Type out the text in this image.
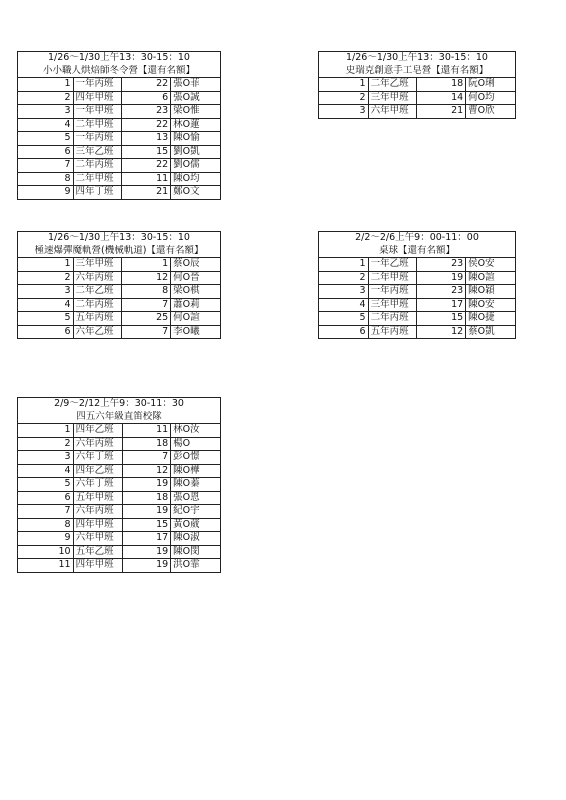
1/26～1/30上午13：30-15：10			
小小職人烘焙師冬令營【還有名額】			
1	一年丙班	22	張O菲
2	四年甲班	6	張O誠
3	一年甲班	23	梁O惟
4	二年甲班	22	林O蓮
5	一年丙班	13	陳O愉
6	三年乙班	15	劉O凱
7	二年丙班	22	劉O儒
8	二年甲班	11	陳O均
9	四年丁班	21	鄭O文
1/26～1/30上午13：30-15：10			
史瑞克創意手工皂營【還有名額】			
1	二年乙班	18	阮O琍
2	三年甲班	14	何O均
3	六年甲班	21	曹O欣
1/26～1/30上午13：30-15：10			
極速爆彈魔軌營(機械軌道)【還有名額】			
1	三年甲班	1	蔡O辰
2	六年丙班	12	何O晉
3	二年乙班	8	梁O棋
4	二年丙班	7	蕭O莉
5	五年丙班	25	何O諠
6	六年乙班	7	李O曦
2/2～2/6上午9：00-11：00			
桌球【還有名額】			
1	一年乙班	23	侯O安
2	二年甲班	19	陳O諠
3	一年丙班	23	陳O穎
4	三年甲班	17	陳O安
5	二年丙班	15	陳O捷
6	五年丙班	12	蔡O凱
2/9～2/12上午9：30-11：30			
四五六年級直笛校隊			
1	四年乙班	11	林O汝
2	六年丙班	18	楊O
3	六年丁班	7	彭O憬
4	四年乙班	12	陳O樺
5	六年丁班	19	陳O蓁
6	五年甲班	18	張O恩
7	六年丙班	19	紀O宇
8	四年甲班	15	黃O葳
9	六年甲班	17	陳O淑
10	五年乙班	19	陳O閔
11	四年甲班	19	洪O霏
